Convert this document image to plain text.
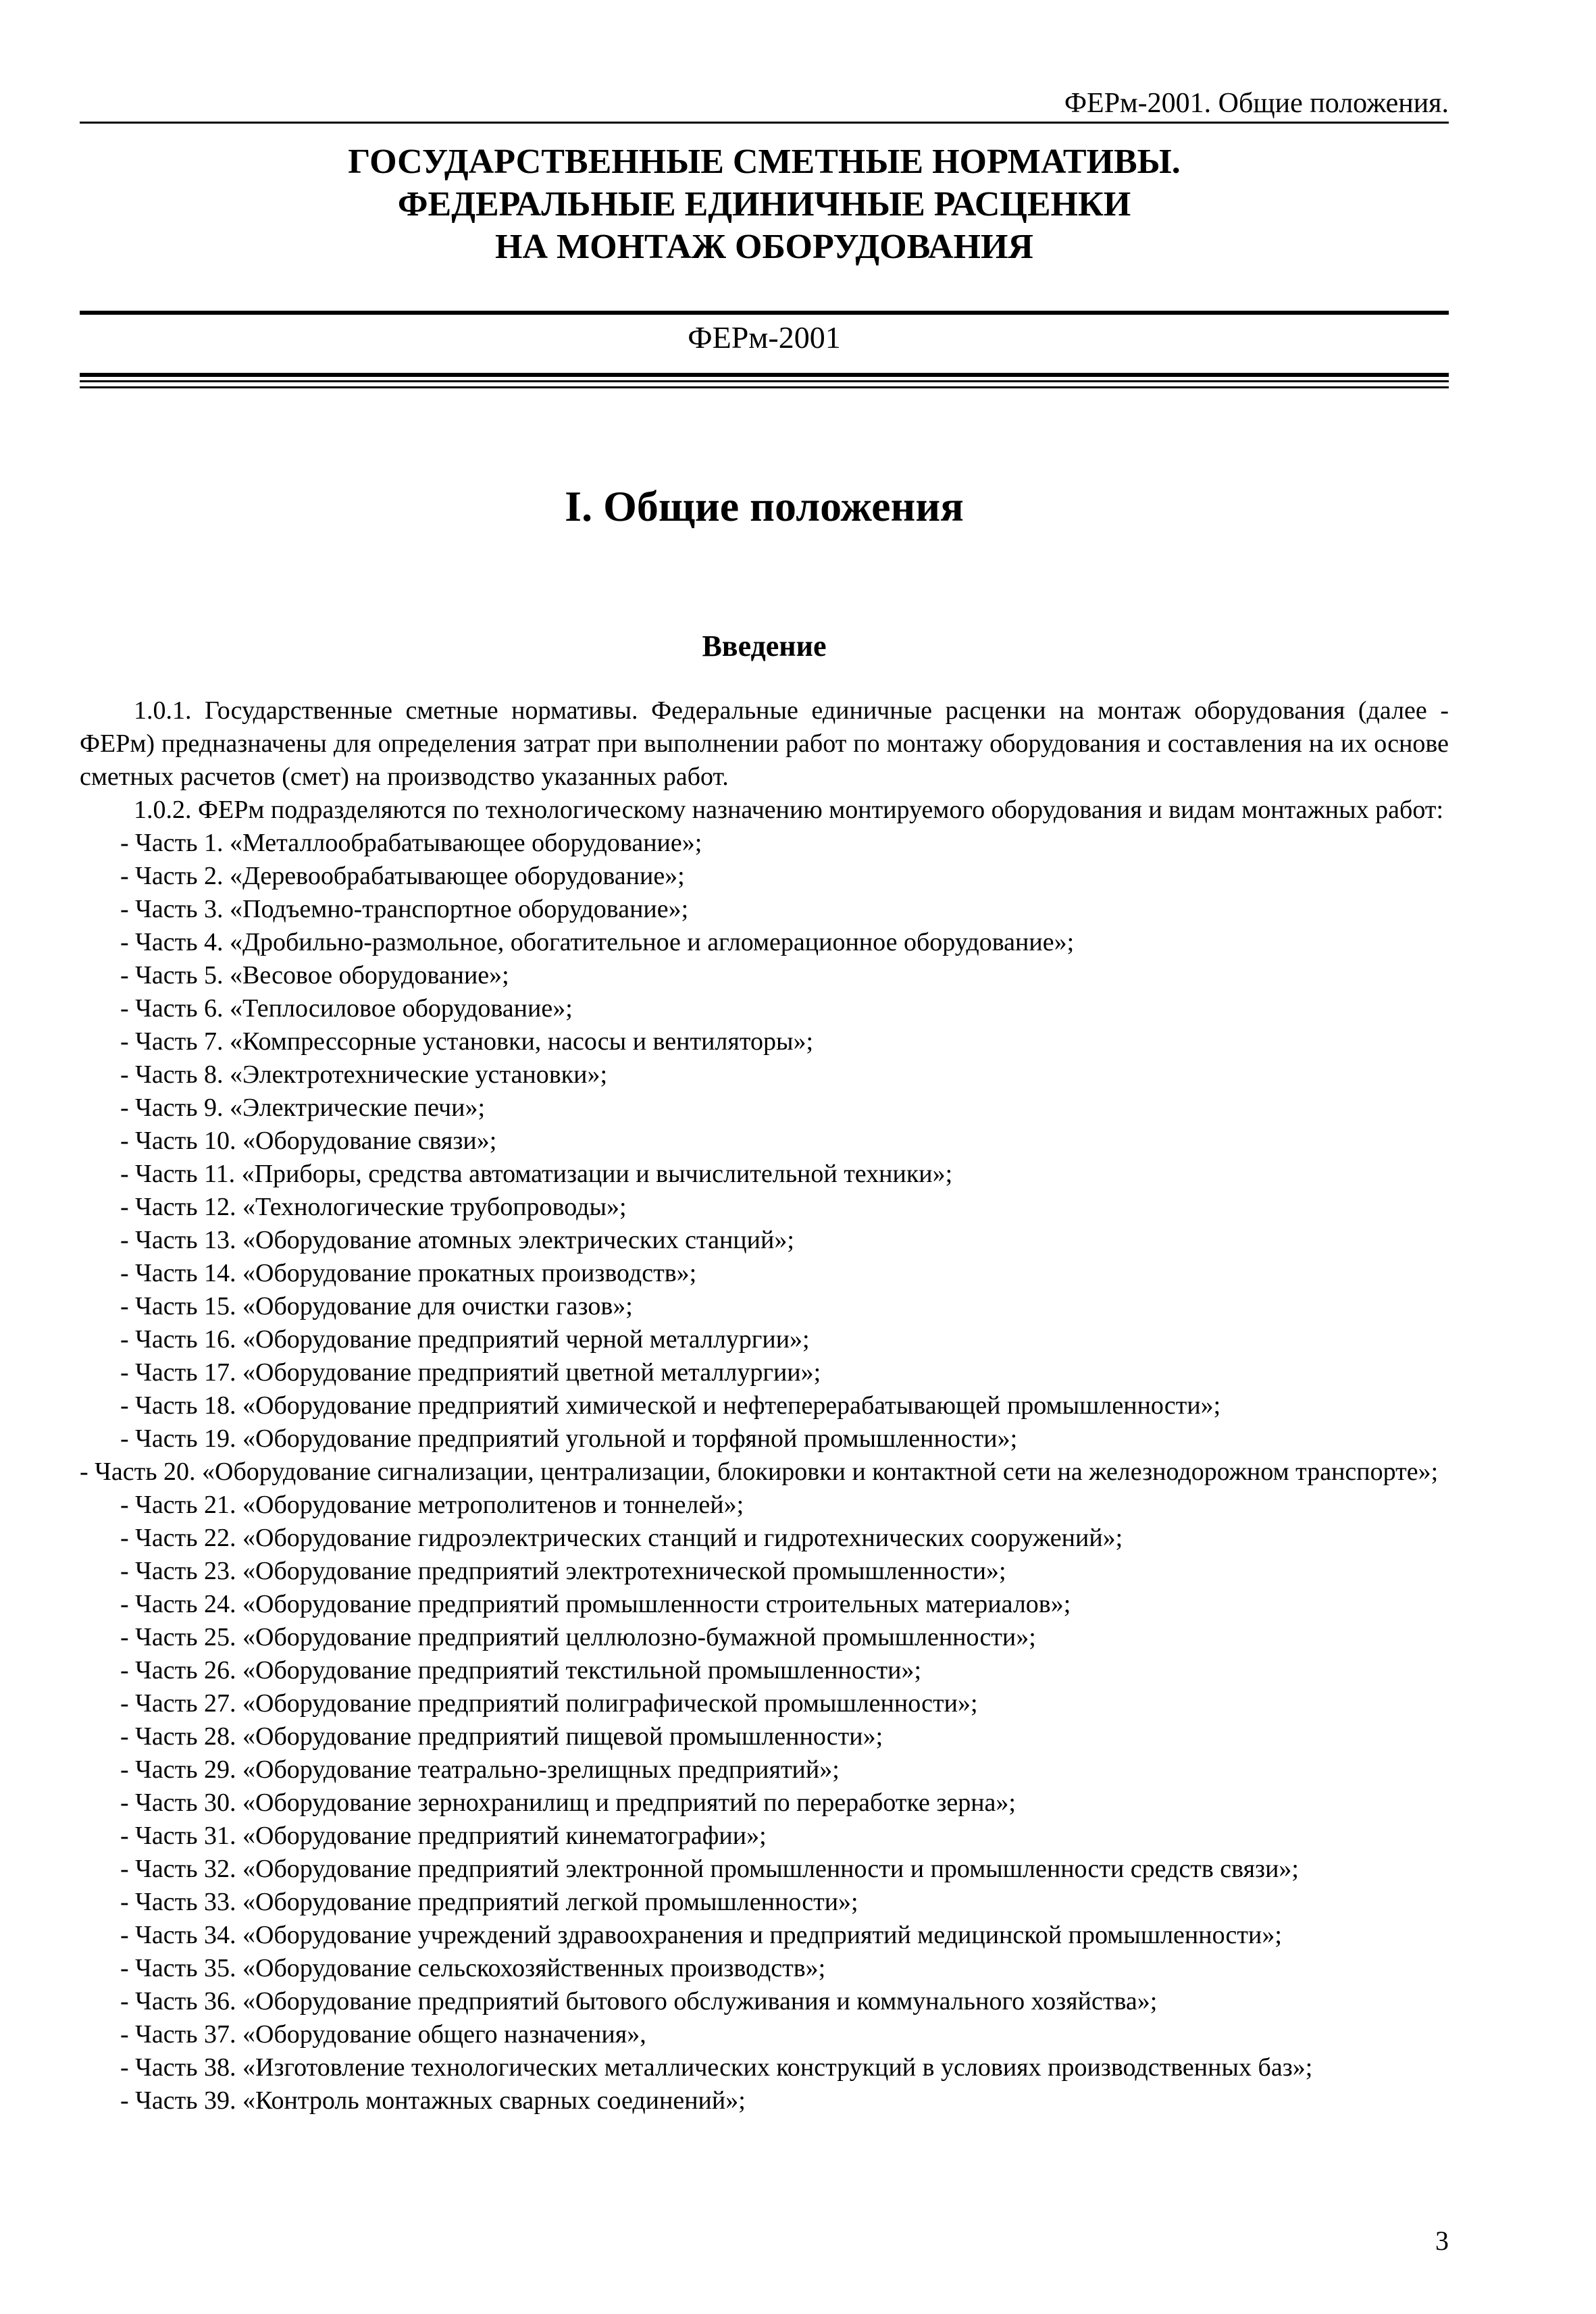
ФЕРм-2001. Общие положения.
ГОСУДАРСТВЕННЫЕ СМЕТНЫЕ НОРМАТИВЫ.
ФЕДЕРАЛЬНЫЕ ЕДИНИЧНЫЕ РАСЦЕНКИ
НА МОНТАЖ ОБОРУДОВАНИЯ
ФЕРм-2001
I. Общие положения
Введение

1.0.1. Государственные сметные нормативы. Федеральные единичные расценки на монтаж оборудования (далее - ФЕРм) предназначены для определения затрат при выполнении работ по монтажу оборудования и составления на их основе сметных расчетов (смет) на производство указанных работ.

1.0.2. ФЕРм подразделяются по технологическому назначению монтируемого оборудования и видам монтажных работ:

- Часть 1. «Металлообрабатывающее оборудование»;
- Часть 2. «Деревообрабатывающее оборудование»;
- Часть 3. «Подъемно-транспортное оборудование»;
- Часть 4. «Дробильно-размольное, обогатительное и агломерационное оборудование»;
- Часть 5. «Весовое оборудование»;
- Часть 6. «Теплосиловое оборудование»;
- Часть 7. «Компрессорные установки, насосы и вентиляторы»;
- Часть 8. «Электротехнические установки»;
- Часть 9. «Электрические печи»;
- Часть 10. «Оборудование связи»;
- Часть 11. «Приборы, средства автоматизации и вычислительной техники»;
- Часть 12. «Технологические трубопроводы»;
- Часть 13. «Оборудование атомных электрических станций»;
- Часть 14. «Оборудование прокатных производств»;
- Часть 15. «Оборудование для очистки газов»;
- Часть 16. «Оборудование предприятий черной металлургии»;
- Часть 17. «Оборудование предприятий цветной металлургии»;
- Часть 18. «Оборудование предприятий химической и нефтеперерабатывающей промышленности»;
- Часть 19. «Оборудование предприятий угольной и торфяной промышленности»;
- Часть 20. «Оборудование сигнализации, централизации, блокировки и контактной сети на железнодорожном транспорте»;
- Часть 21. «Оборудование метрополитенов и тоннелей»;
- Часть 22. «Оборудование гидроэлектрических станций и гидротехнических сооружений»;
- Часть 23. «Оборудование предприятий электротехнической промышленности»;
- Часть 24. «Оборудование предприятий промышленности строительных материалов»;
- Часть 25. «Оборудование предприятий целлюлозно-бумажной промышленности»;
- Часть 26. «Оборудование предприятий текстильной промышленности»;
- Часть 27. «Оборудование предприятий полиграфической промышленности»;
- Часть 28. «Оборудование предприятий пищевой промышленности»;
- Часть 29. «Оборудование театрально-зрелищных предприятий»;
- Часть 30. «Оборудование зернохранилищ и предприятий по переработке зерна»;
- Часть 31. «Оборудование предприятий кинематографии»;
- Часть 32. «Оборудование предприятий электронной промышленности и промышленности средств связи»;
- Часть 33. «Оборудование предприятий легкой промышленности»;
- Часть 34. «Оборудование учреждений здравоохранения и предприятий медицинской промышленности»;
- Часть 35. «Оборудование сельскохозяйственных производств»;
- Часть 36. «Оборудование предприятий бытового обслуживания и коммунального хозяйства»;
- Часть 37. «Оборудование общего назначения»,
- Часть 38. «Изготовление технологических металлических конструкций в условиях производственных баз»;
- Часть 39. «Контроль монтажных сварных соединений»;
3
